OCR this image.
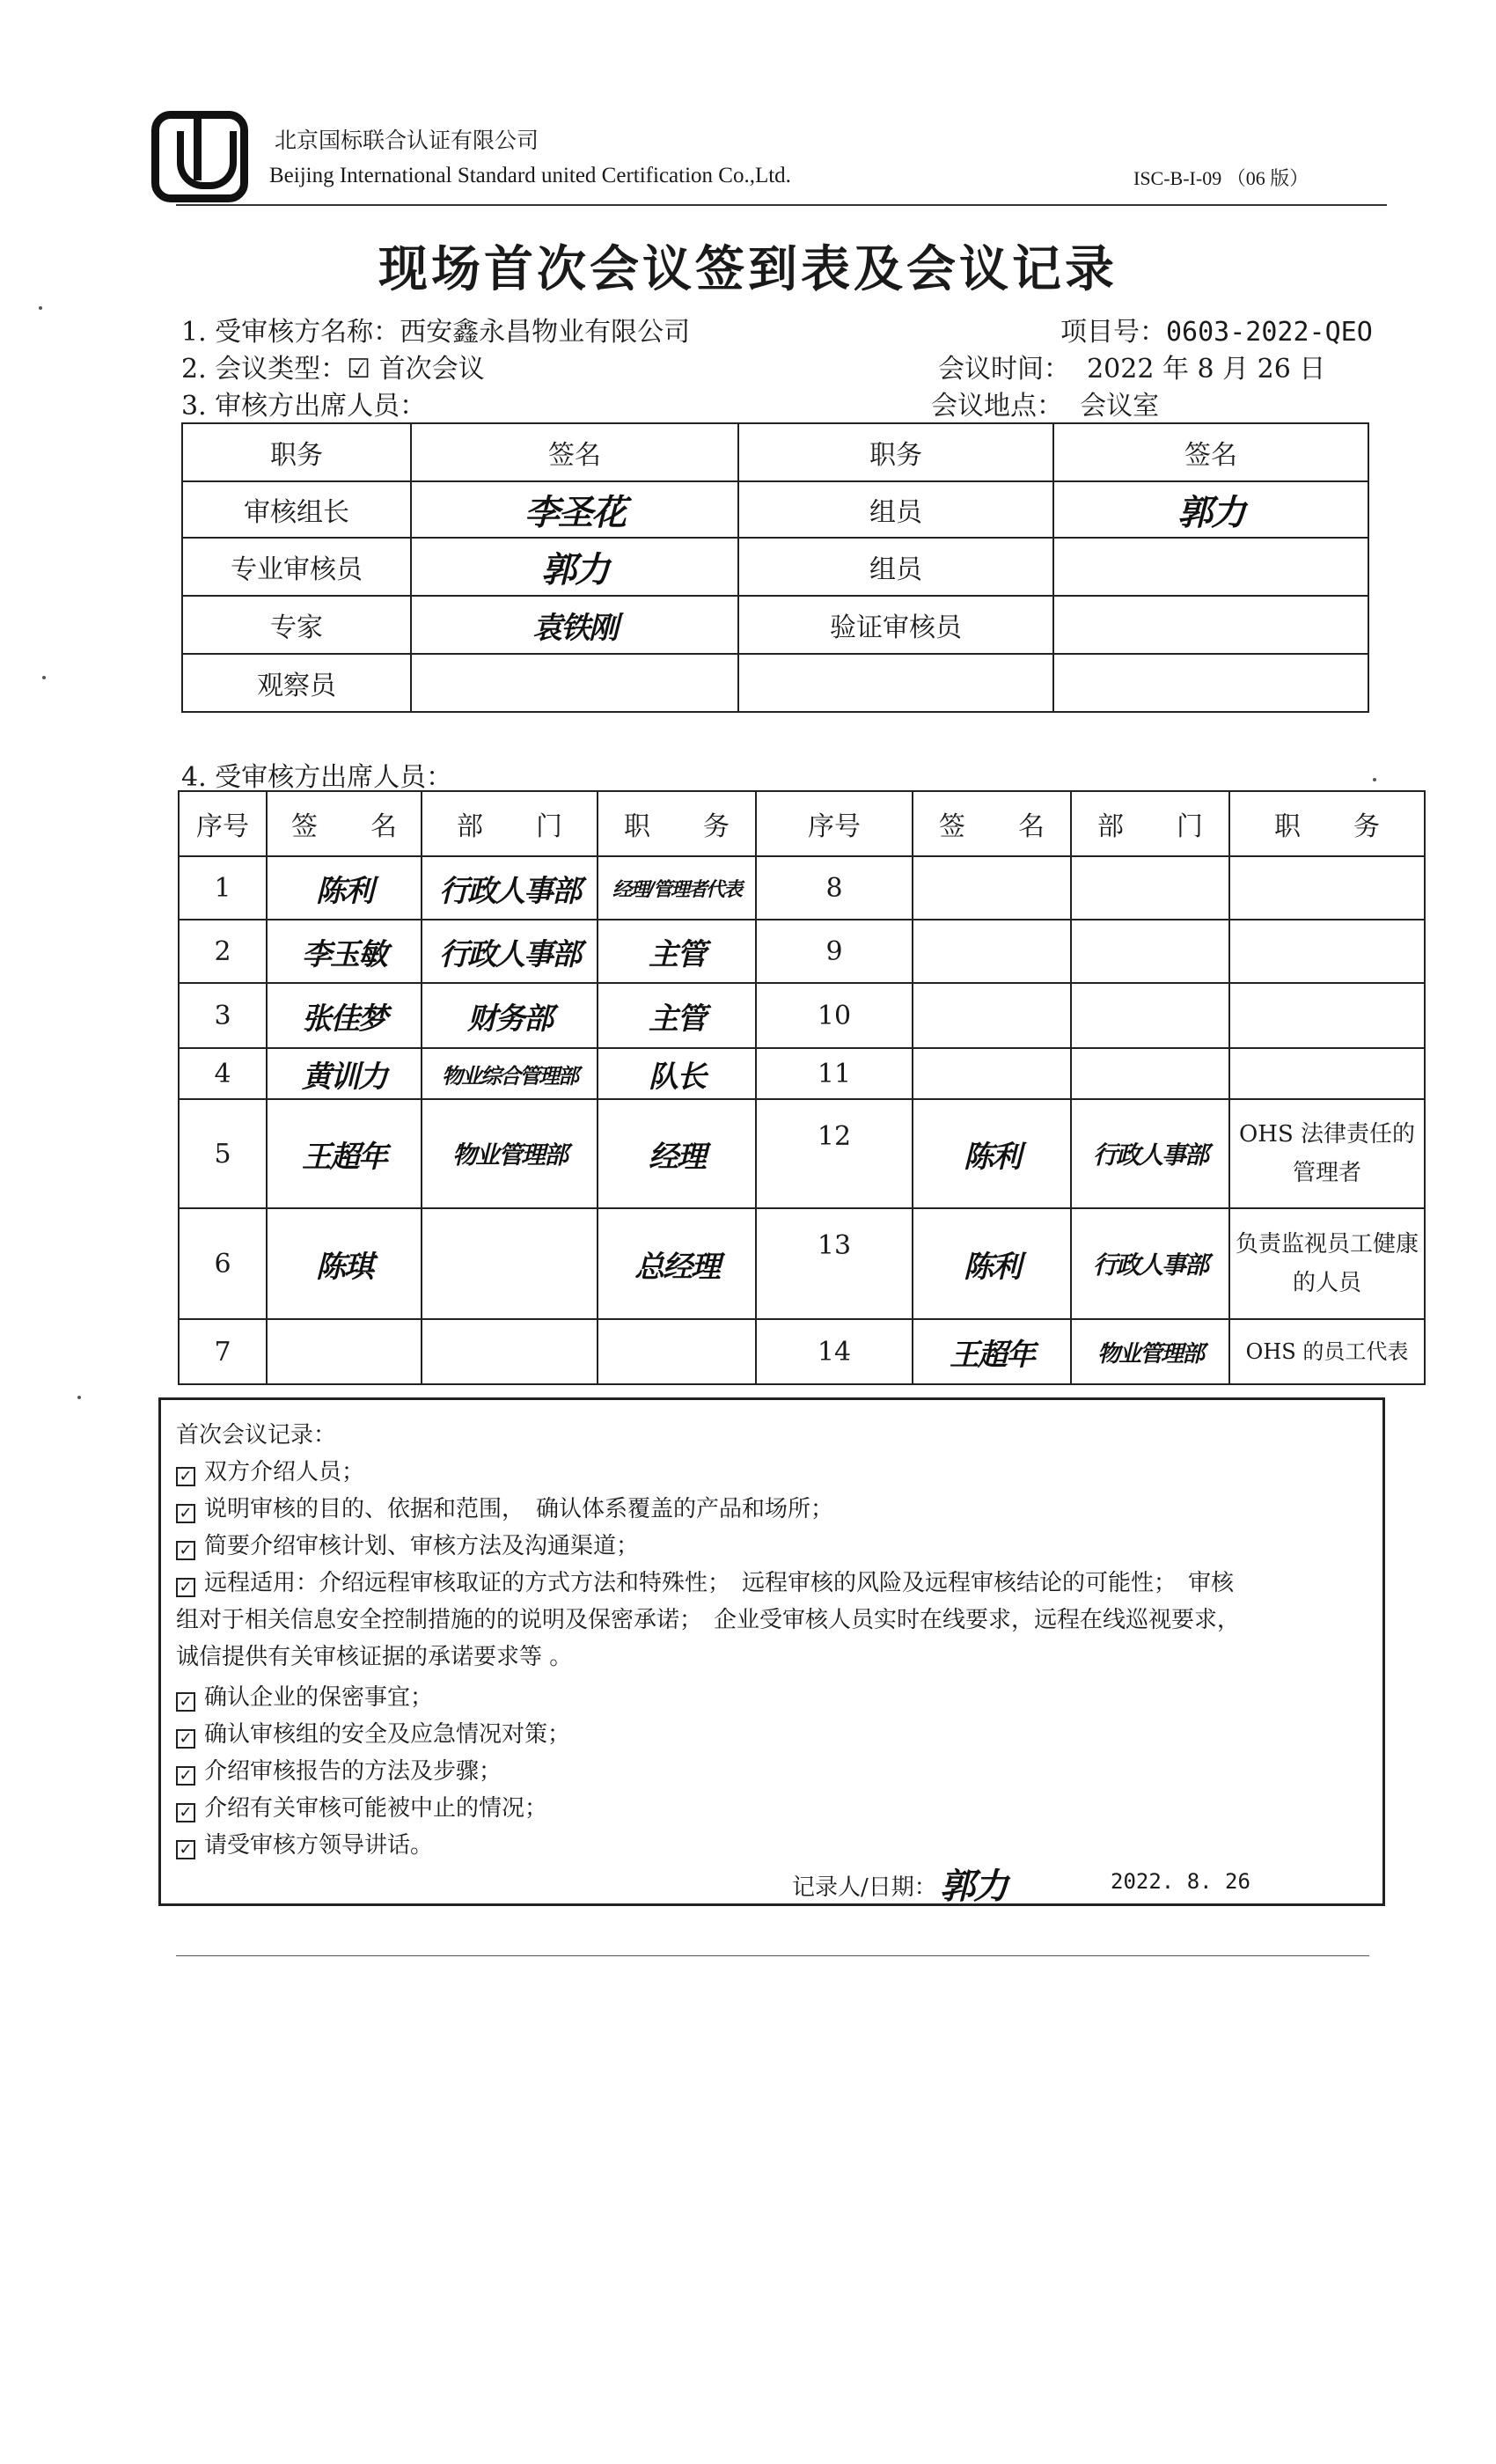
北京国标联合认证有限公司
Beijing International Standard united Certification Co.,Ltd.	ISC-B-I-09 （06 版）
现场首次会议签到表及会议记录
1. 受审核方名称：西安鑫永昌物业有限公司	项目号：0603-2022-QEO
2. 会议类型：☑ 首次会议	会议时间： 2022 年 8 月 26 日
3. 审核方出席人员：	会议地点： 会议室
职务	签名	职务	签名
审核组长	李圣花	组员	郭力
专业审核员	郭力	组员	
专家	袁铁刚	验证审核员	
观察员			
4. 受审核方出席人员：
序号	签　　名	部　　门	职　　务	序号	签　　名	部　　门	职　　务
1	陈利	行政人事部	经理/管理者代表	8			
2	李玉敏	行政人事部	主管	9			
3	张佳梦	财务部	主管	10			
4	黄训力	物业综合管理部	队长	11			
5	王超年	物业管理部	经理	12	陈利	行政人事部	OHS 法律责任的管理者
6	陈琪		总经理	13	陈利	行政人事部	负责监视员工健康的人员
7				14	王超年	物业管理部	OHS 的员工代表
首次会议记录：
✓ 双方介绍人员；
✓ 说明审核的目的、依据和范围，　确认体系覆盖的产品和场所；
✓ 简要介绍审核计划、审核方法及沟通渠道；
✓ 远程适用：介绍远程审核取证的方式方法和特殊性；　远程审核的风险及远程审核结论的可能性；　审核
组对于相关信息安全控制措施的的说明及保密承诺；　企业受审核人员实时在线要求，远程在线巡视要求，
诚信提供有关审核证据的承诺要求等 。
✓ 确认企业的保密事宜；
✓ 确认审核组的安全及应急情况对策；
✓ 介绍审核报告的方法及步骤；
✓ 介绍有关审核可能被中止的情况；
✓ 请受审核方领导讲话。
记录人/日期： 郭力	2022. 8. 26
